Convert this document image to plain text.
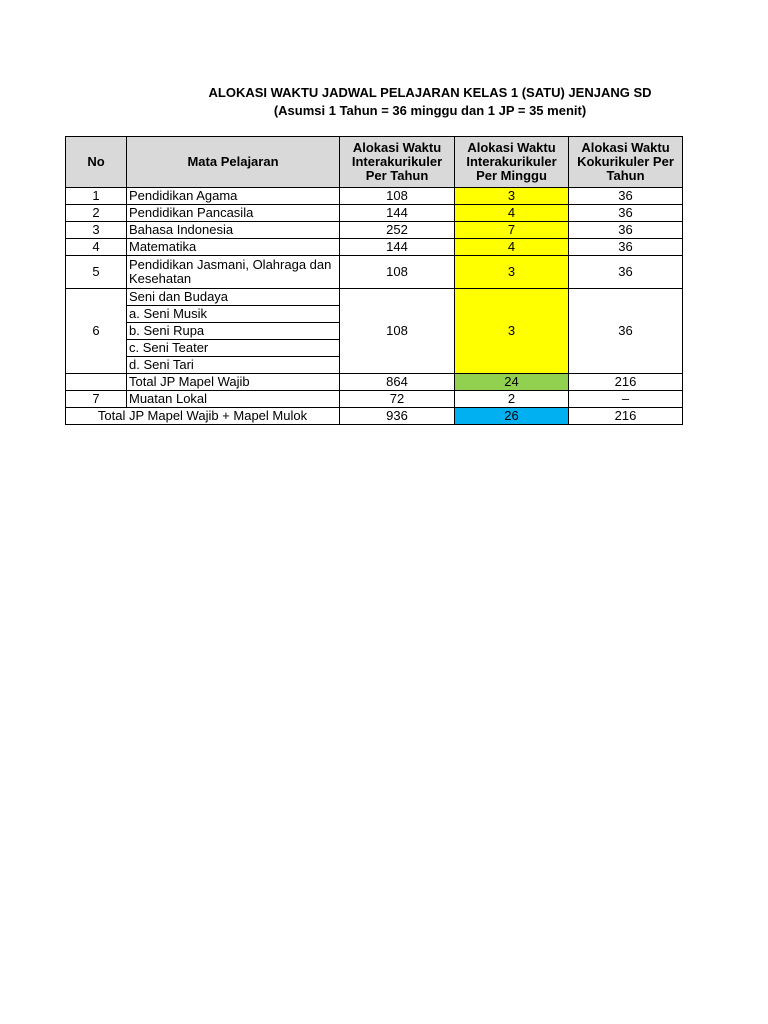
ALOKASI WAKTU JADWAL PELAJARAN KELAS 1 (SATU) JENJANG SD
(Asumsi 1 Tahun = 36 minggu dan 1 JP = 35 menit)
No	Mata Pelajaran	Alokasi Waktu Interakurikuler Per Tahun	Alokasi Waktu Interakurikuler Per Minggu	Alokasi Waktu Kokurikuler Per Tahun
1	Pendidikan Agama	108	3	36
2	Pendidikan Pancasila	144	4	36
3	Bahasa Indonesia	252	7	36
4	Matematika	144	4	36
5	Pendidikan Jasmani, Olahraga dan Kesehatan	108	3	36
6	Seni dan Budaya	108	3	36
	a. Seni Musik			
	b. Seni Rupa			
	c. Seni Teater			
	d. Seni Tari			
	Total JP Mapel Wajib	864	24	216
7	Muatan Lokal	72	2	–
Total JP Mapel Wajib + Mapel Mulok		936	26	216
